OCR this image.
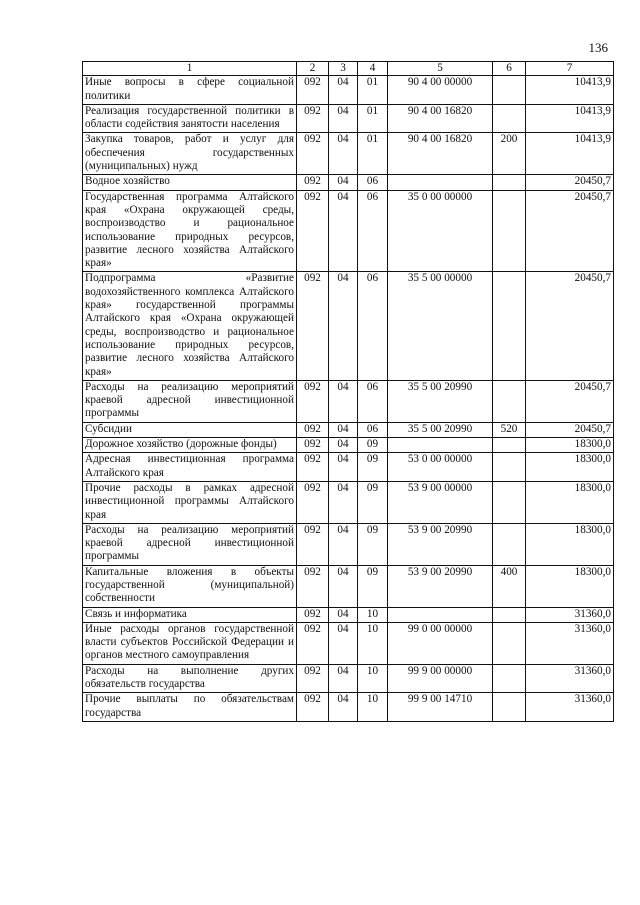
136
1	2	3	4	5	6	7
Иные вопросы в сфере социальной политики	092	04	01	90 4 00 00000		10413,9
Реализация государственной политики в области содействия занятости населения	092	04	01	90 4 00 16820		10413,9
Закупка товаров, работ и услуг для обеспечения государственных (муниципальных) нужд	092	04	01	90 4 00 16820	200	10413,9
Водное хозяйство	092	04	06			20450,7
Государственная программа Алтайского края «Охрана окружающей среды, воспроизводство и рациональное использование природных ресурсов, развитие лесного хозяйства Алтайского края»	092	04	06	35 0 00 00000		20450,7
Подпрограмма «Развитие водохозяйственного комплекса Алтайского края» государственной программы Алтайского края «Охрана окружающей среды, воспроизводство и рациональное использование природных ресурсов, развитие лесного хозяйства Алтайского края»	092	04	06	35 5 00 00000		20450,7
Расходы на реализацию мероприятий краевой адресной инвестиционной программы	092	04	06	35 5 00 20990		20450,7
Субсидии	092	04	06	35 5 00 20990	520	20450,7
Дорожное хозяйство (дорожные фонды)	092	04	09			18300,0
Адресная инвестиционная программа Алтайского края	092	04	09	53 0 00 00000		18300,0
Прочие расходы в рамках адресной инвестиционной программы Алтайского края	092	04	09	53 9 00 00000		18300,0
Расходы на реализацию мероприятий краевой адресной инвестиционной программы	092	04	09	53 9 00 20990		18300,0
Капитальные вложения в объекты государственной (муниципальной) собственности	092	04	09	53 9 00 20990	400	18300,0
Связь и информатика	092	04	10			31360,0
Иные расходы органов государственной власти субъектов Российской Федерации и органов местного самоуправления	092	04	10	99 0 00 00000		31360,0
Расходы на выполнение других обязательств государства	092	04	10	99 9 00 00000		31360,0
Прочие выплаты по обязательствам государства	092	04	10	99 9 00 14710		31360,0
